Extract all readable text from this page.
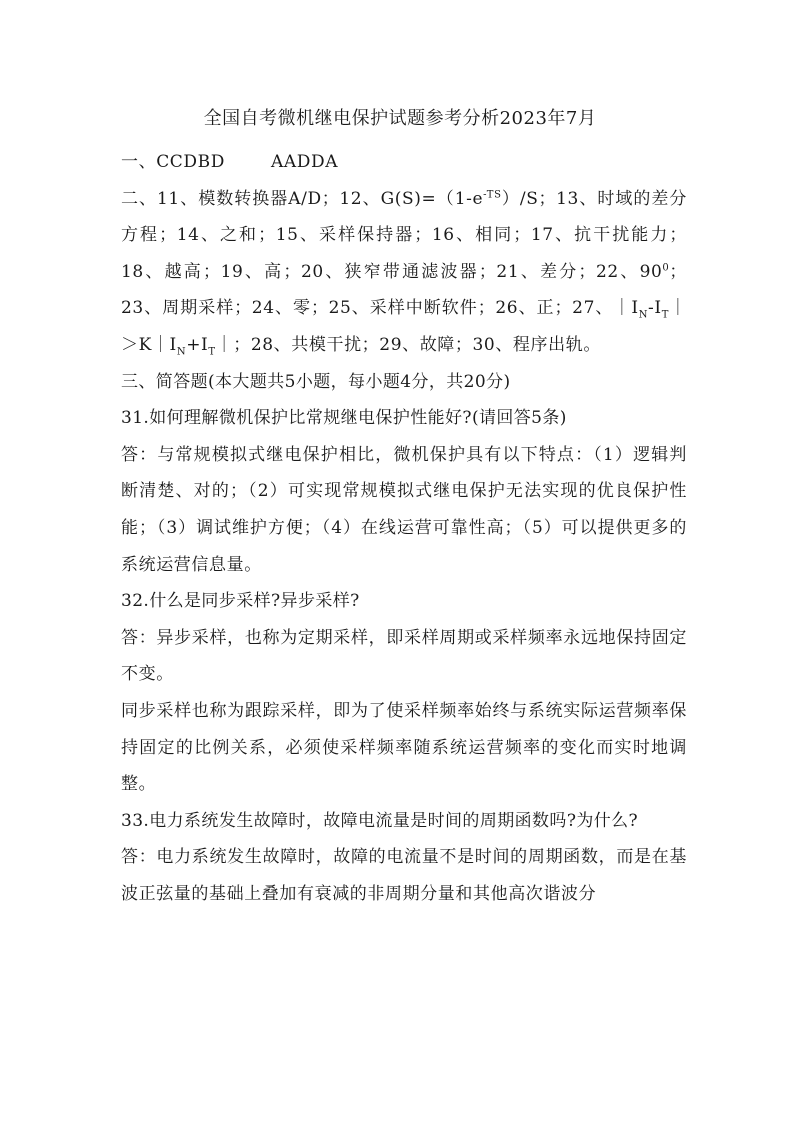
全国自考微机继电保护试题参考分析2023年7月

一、CCDBD	AADDA

二、11、模数转换器A/D；12、$G(S)=(1-e^{-TS})/S$；13、时域的差分方程；14、之和；15、采样保持器；16、相同；17、抗干扰能力；18、越高；19、高；20、狭窄带通滤波器；21、差分；22、$90^0$；23、周期采样；24、零；25、采样中断软件；26、正；27、$|I_N-I_T|>K|I_N+I_T|$；28、共模干扰；29、故障；30、程序出轨。

三、简答题(本大题共5小题，每小题4分，共20分)

31.如何理解微机保护比常规继电保护性能好?(请回答5条)

答：与常规模拟式继电保护相比，微机保护具有以下特点：（1）逻辑判断清楚、对的；（2）可实现常规模拟式继电保护无法实现的优良保护性能；（3）调试维护方便；（4）在线运营可靠性高；（5）可以提供更多的系统运营信息量。

32.什么是同步采样?异步采样?

答：异步采样，也称为定期采样，即采样周期或采样频率永远地保持固定不变。

同步采样也称为跟踪采样，即为了使采样频率始终与系统实际运营频率保持固定的比例关系，必须使采样频率随系统运营频率的变化而实时地调整。

33.电力系统发生故障时，故障电流量是时间的周期函数吗?为什么?

答：电力系统发生故障时，故障的电流量不是时间的周期函数，而是在基波正弦量的基础上叠加有衰减的非周期分量和其他高次谐波分
